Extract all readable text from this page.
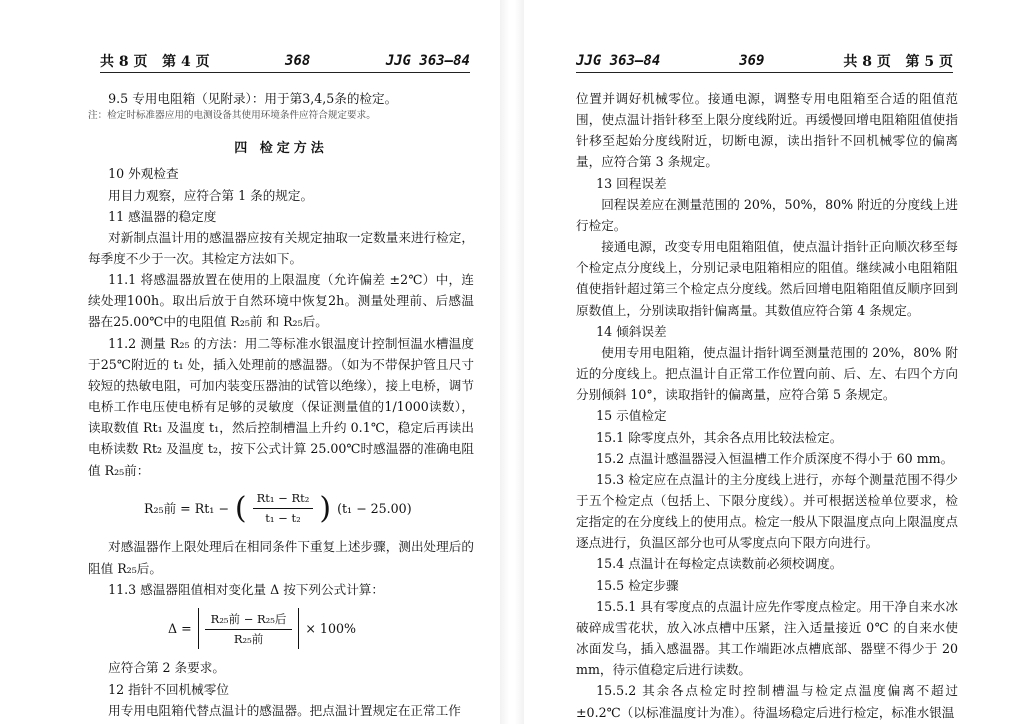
共 8 页 第 4 页	368	JJG 363—84

9.5 专用电阻箱（见附录）：用于第3,4,5条的检定。

注：检定时标准器应用的电测设备其使用环境条件应符合规定要求。

四 检定方法

10 外观检查

用目力观察，应符合第 1 条的规定。

11 感温器的稳定度

对新制点温计用的感温器应按有关规定抽取一定数量来进行检定，每季度不少于一次。其检定方法如下。

11.1 将感温器放置在使用的上限温度（允许偏差 ±2℃）中，连续处理100h。取出后放于自然环境中恢复2h。测量处理前、后感温器在25.00℃中的电阻值 R₂₅前 和 R₂₅后。

11.2 测量 R₂₅ 的方法：用二等标准水银温度计控制恒温水槽温度于25℃附近的 t₁ 处，插入处理前的感温器。（如为不带保护管且尺寸较短的热敏电阻，可加内装变压器油的试管以绝缘），接上电桥，调节电桥工作电压使电桥有足够的灵敏度（保证测量值的1/1000读数），读取数值 Rt₁ 及温度 t₁，然后控制槽温上升约 0.1℃，稳定后再读出电桥读数 Rt₂ 及温度 t₂，按下公式计算 25.00℃时感温器的准确电阻值 R₂₅前：

R₂₅前 = Rt₁ − ( $\frac{\text{Rt₁ − Rt₂}}{\text{t₁ − t₂}}$ ) (t₁ − 25.00)

对感温器作上限处理后在相同条件下重复上述步骤，测出处理后的阻值 R₂₅后。

11.3 感温器阻值相对变化量 Δ 按下列公式计算：

$\Delta = \frac{\text{R₂₅前 − R₂₅后}}{\text{R₂₅前}} \times 100\%$

应符合第 2 条要求。

12 指针不回机械零位

用专用电阻箱代替点温计的感温器。把点温计置规定在正常工作

JJG 363—84	369	共 8 页 第 5 页

位置并调好机械零位。接通电源，调整专用电阻箱至合适的阻值范围，使点温计指针移至上限分度线附近。再缓慢回增电阻箱阻值使指针移至起始分度线附近，切断电源，读出指针不回机械零位的偏离量，应符合第 3 条规定。

13 回程误差

回程误差应在测量范围的 20%，50%，80% 附近的分度线上进行检定。

接通电源，改变专用电阻箱阻值，使点温计指针正向顺次移至每个检定点分度线上，分别记录电阻箱相应的阻值。继续减小电阻箱阻值使指针超过第三个检定点分度线。然后回增电阻箱阻值反顺序回到原数值上，分别读取指针偏离量。其数值应符合第 4 条规定。

14 倾斜误差

使用专用电阻箱，使点温计指针调至测量范围的 20%，80% 附近的分度线上。把点温计自正常工作位置向前、后、左、右四个方向分别倾斜 10°，读取指针的偏离量，应符合第 5 条规定。

15 示值检定

15.1 除零度点外，其余各点用比较法检定。

15.2 点温计感温器浸入恒温槽工作介质深度不得小于 60 mm。

15.3 检定应在点温计的主分度线上进行，亦每个测量范围不得少于五个检定点（包括上、下限分度线）。并可根据送检单位要求，检定指定的在分度线上的使用点。检定一般从下限温度点向上限温度点逐点进行，负温区部分也可从零度点向下限方向进行。

15.4 点温计在每检定点读数前必须校调度。

15.5 检定步骤

15.5.1 具有零度点的点温计应先作零度点检定。用干净自来水冰破碎成雪花状，放入冰点槽中压紧，注入适量接近 0℃ 的自来水使冰面发乌，插入感温器。其工作端距冰点槽底部、器壁不得少于 20 mm，待示值稳定后进行读数。

15.5.2 其余各点检定时控制槽温与检定点温度偏离不超过 ±0.2℃（以标准温度计为准）。待温场稳定后进行检定，标准水银温
